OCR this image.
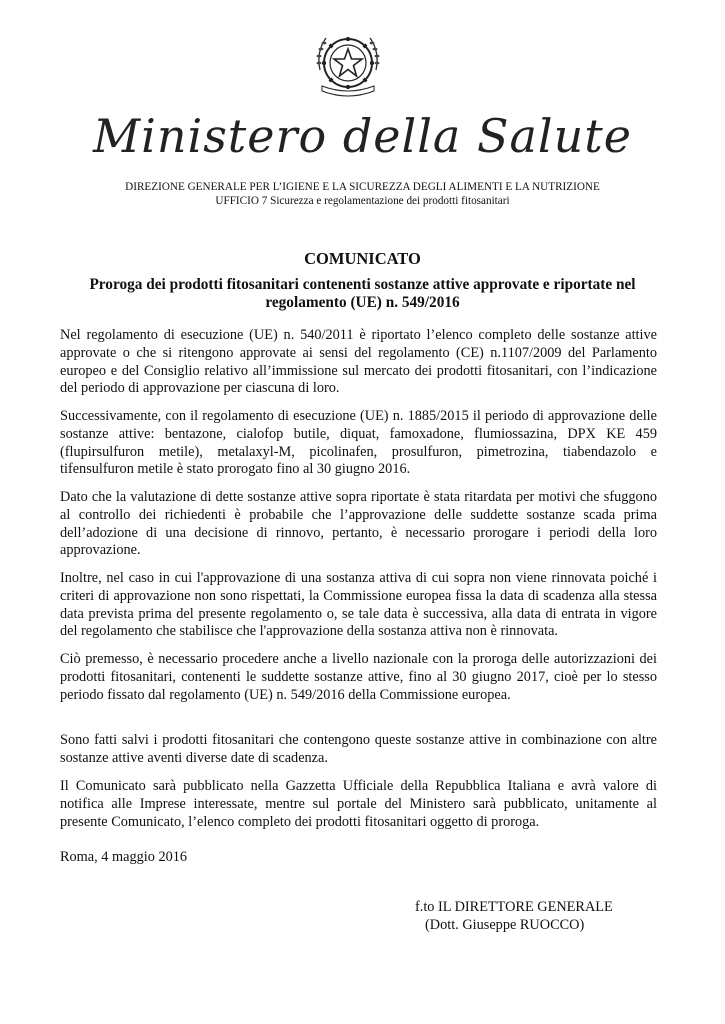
Ministero della Salute
DIREZIONE GENERALE PER L’IGIENE E LA SICUREZZA DEGLI ALIMENTI E LA NUTRIZIONE
UFFICIO 7 Sicurezza e regolamentazione dei prodotti fitosanitari
COMUNICATO
Proroga dei prodotti fitosanitari contenenti sostanze attive approvate e riportate nel regolamento (UE) n. 549/2016

Nel regolamento di esecuzione (UE) n. 540/2011 è riportato l’elenco completo delle sostanze attive approvate o che si ritengono approvate ai sensi del regolamento (CE) n.1107/2009 del Parlamento europeo e del Consiglio relativo all’immissione sul mercato dei prodotti fitosanitari, con l’indicazione del periodo di approvazione per ciascuna di loro.

Successivamente, con il regolamento di esecuzione (UE) n. 1885/2015 il periodo di approvazione delle sostanze attive: bentazone, cialofop butile, diquat, famoxadone, flumiossazina, DPX KE 459 (flupirsulfuron metile), metalaxyl-M, picolinafen, prosulfuron, pimetrozina, tiabendazolo e tifensulfuron metile è stato prorogato fino al 30 giugno 2016.

Dato che la valutazione di dette sostanze attive sopra riportate è stata ritardata per motivi che sfuggono al controllo dei richiedenti è probabile che l’approvazione delle suddette sostanze scada prima dell’adozione di una decisione di rinnovo, pertanto, è necessario prorogare i periodi della loro approvazione.

Inoltre, nel caso in cui l'approvazione di una sostanza attiva di cui sopra non viene rinnovata poiché i criteri di approvazione non sono rispettati, la Commissione europea fissa la data di scadenza alla stessa data prevista prima del presente regolamento o, se tale data è successiva, alla data di entrata in vigore del regolamento che stabilisce che l'approvazione della sostanza attiva non è rinnovata.

Ciò premesso, è necessario procedere anche a livello nazionale con la proroga delle autorizzazioni dei prodotti fitosanitari, contenenti le suddette sostanze attive, fino al 30 giugno 2017, cioè per lo stesso periodo fissato dal regolamento (UE) n. 549/2016 della Commissione europea.

Sono fatti salvi i prodotti fitosanitari che contengono queste sostanze attive in combinazione con altre sostanze attive aventi diverse date di scadenza.

Il Comunicato sarà pubblicato nella Gazzetta Ufficiale della Repubblica Italiana e avrà valore di notifica alle Imprese interessate, mentre sul portale del Ministero sarà pubblicato, unitamente al presente Comunicato, l’elenco completo dei prodotti fitosanitari oggetto di proroga.

Roma, 4 maggio 2016
f.to IL DIRETTORE GENERALE
(Dott. Giuseppe RUOCCO)
